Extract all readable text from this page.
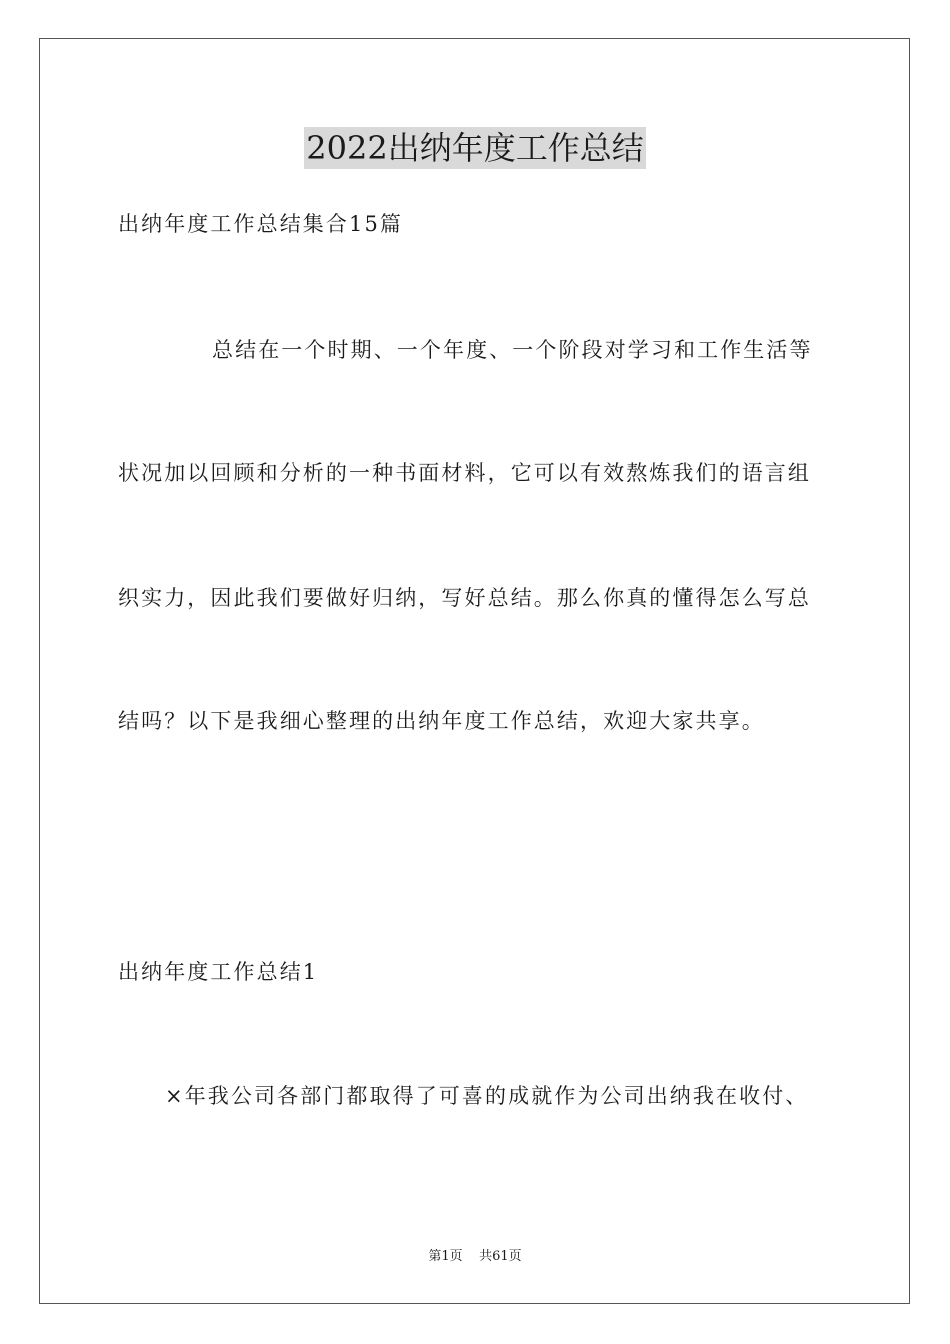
2022出纳年度工作总结
出纳年度工作总结集合15篇
总结在一个时期、一个年度、一个阶段对学习和工作生活等
状况加以回顾和分析的一种书面材料，它可以有效熬炼我们的语言组
织实力，因此我们要做好归纳，写好总结。那么你真的懂得怎么写总
结吗？以下是我细心整理的出纳年度工作总结，欢迎大家共享。
出纳年度工作总结1
×年我公司各部门都取得了可喜的成就作为公司出纳我在收付、
第1页 共61页
